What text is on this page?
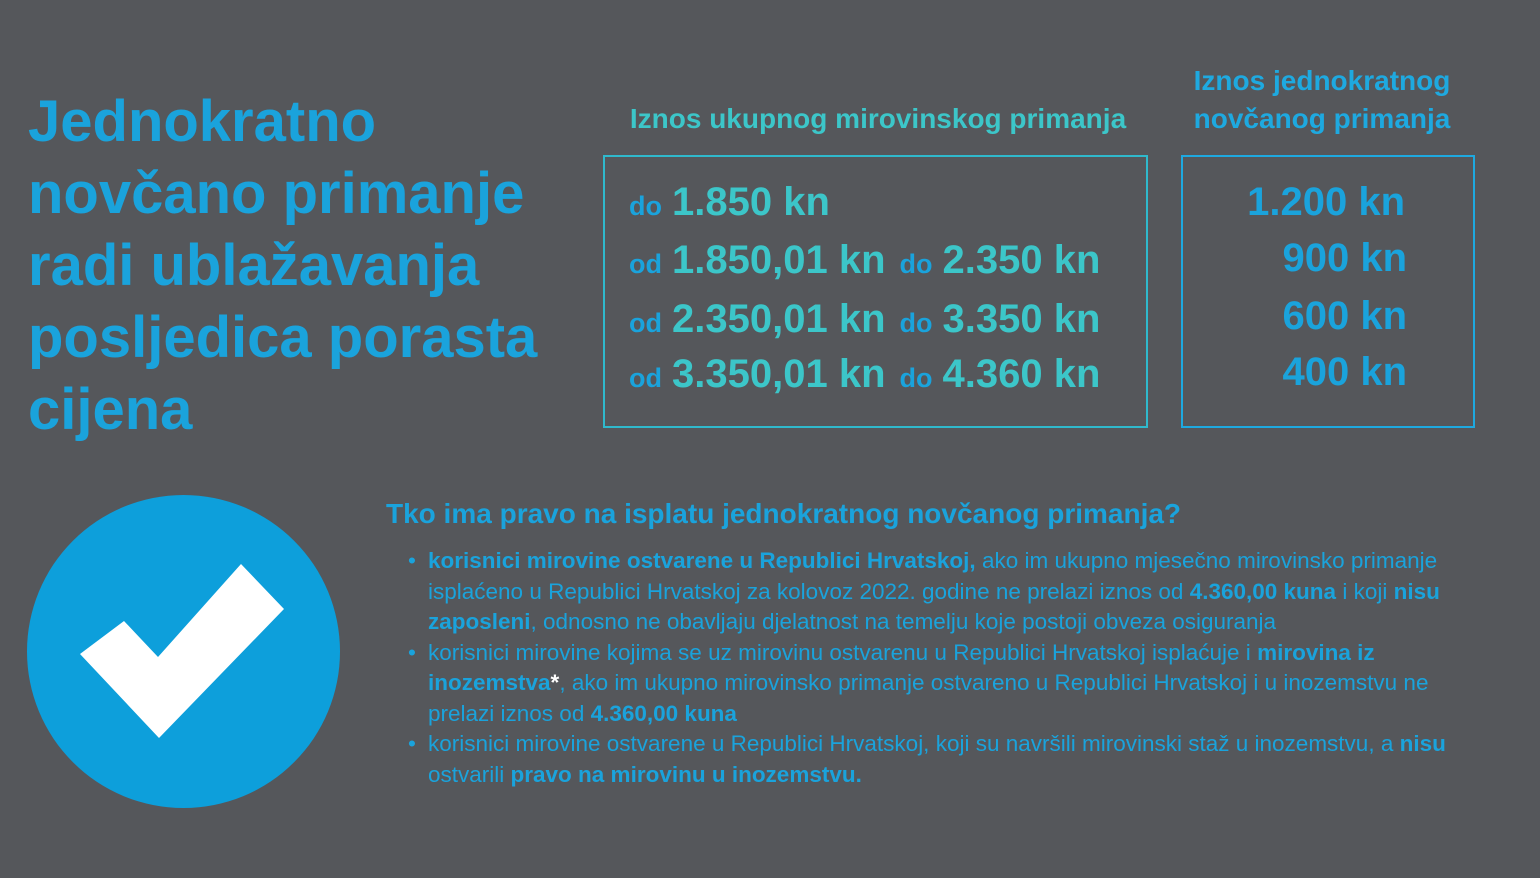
Jednokratno
novčano primanje
radi ublažavanja
posljedica porasta
cijena
Iznos ukupnog mirovinskog primanja
Iznos jednokratnog
novčanog primanja
do 1.850 kn
od 1.850,01 kn do 2.350 kn
od 2.350,01 kn do 3.350 kn
od 3.350,01 kn do 4.360 kn
1.200 kn
900 kn
600 kn
400 kn
Tko ima pravo na isplatu jednokratnog novčanog primanja?
• korisnici mirovine ostvarene u Republici Hrvatskoj, ako im ukupno mjesečno mirovinsko primanje isplaćeno u Republici Hrvatskoj za kolovoz 2022. godine ne prelazi iznos od 4.360,00 kuna i koji nisu zaposleni, odnosno ne obavljaju djelatnost na temelju koje postoji obveza osiguranja
• korisnici mirovine kojima se uz mirovinu ostvarenu u Republici Hrvatskoj isplaćuje i mirovina iz inozemstva*, ako im ukupno mirovinsko primanje ostvareno u Republici Hrvatskoj i u inozemstvu ne prelazi iznos od 4.360,00 kuna
• korisnici mirovine ostvarene u Republici Hrvatskoj, koji su navršili mirovinski staž u inozemstvu, a nisu ostvarili pravo na mirovinu u inozemstvu.
